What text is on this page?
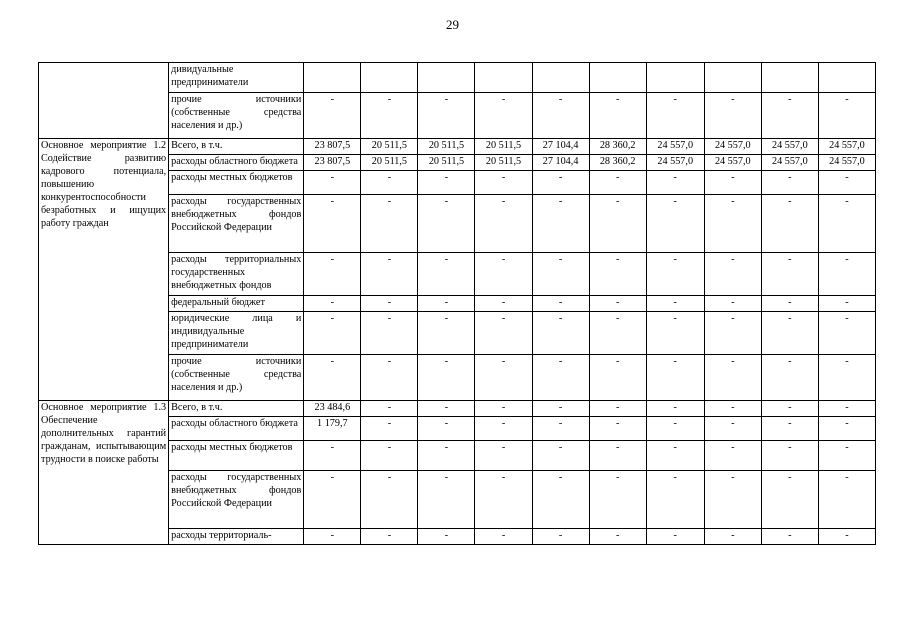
29
	дивидуальные предприниматели										
	прочие источники (собственные средства населения и др.)	-	-	-	-	-	-	-	-	-	-
Основное мероприятие 1.2 Содействие развитию кадрового потенциала, повышению конкурентоспособности безработных и ищущих работу граждан	Всего, в т.ч.	23 807,5	20 511,5	20 511,5	20 511,5	27 104,4	28 360,2	24 557,0	24 557,0	24 557,0	24 557,0
	расходы областного бюджета	23 807,5	20 511,5	20 511,5	20 511,5	27 104,4	28 360,2	24 557,0	24 557,0	24 557,0	24 557,0
	расходы местных бюджетов	-	-	-	-	-	-	-	-	-	-
	расходы государственных внебюджетных фондов Российской Федерации	-	-	-	-	-	-	-	-	-	-
	расходы территориальных государственных внебюджетных фондов	-	-	-	-	-	-	-	-	-	-
	федеральный бюджет	-	-	-	-	-	-	-	-	-	-
	юридические лица и индивидуальные предприниматели	-	-	-	-	-	-	-	-	-	-
	прочие источники (собственные средства населения и др.)	-	-	-	-	-	-	-	-	-	-
Основное мероприятие 1.3 Обеспечение дополнительных гарантий гражданам, испытывающим трудности в поиске работы	Всего, в т.ч.	23 484,6	-	-	-	-	-	-	-	-	-
	расходы областного бюджета	1 179,7	-	-	-	-	-	-	-	-	-
	расходы местных бюджетов	-	-	-	-	-	-	-	-	-	-
	расходы государственных внебюджетных фондов Российской Федерации	-	-	-	-	-	-	-	-	-	-
	расходы территориаль-	-	-	-	-	-	-	-	-	-	-
